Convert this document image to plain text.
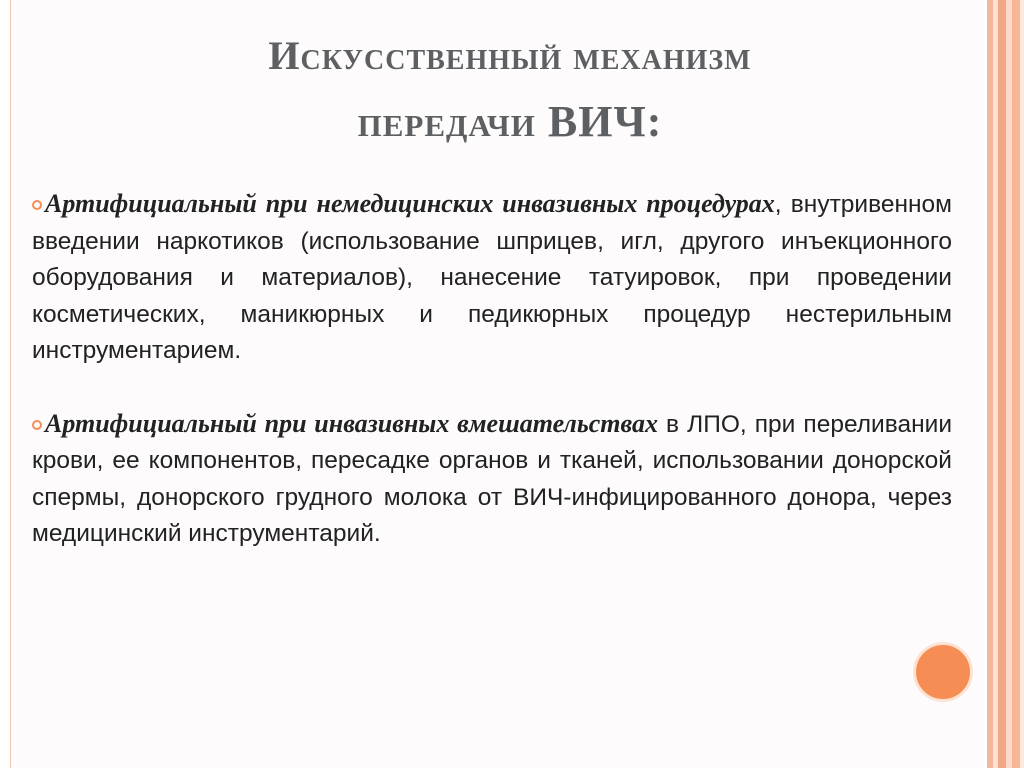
Искусственный механизм
передачи ВИЧ:
Артифициальный при немедицинских инвазивных процедурах, внутривенном введении наркотиков (использование шприцев, игл, другого инъекционного оборудования и материалов), нанесение татуировок, при проведении косметических, маникюрных и педикюрных процедур нестерильным инструментарием.
Артифициальный при инвазивных вмешательствах в ЛПО, при переливании крови, ее компонентов, пересадке органов и тканей, использовании донорской спермы, донорского грудного молока от ВИЧ-инфицированного донора, через медицинский инструментарий.
